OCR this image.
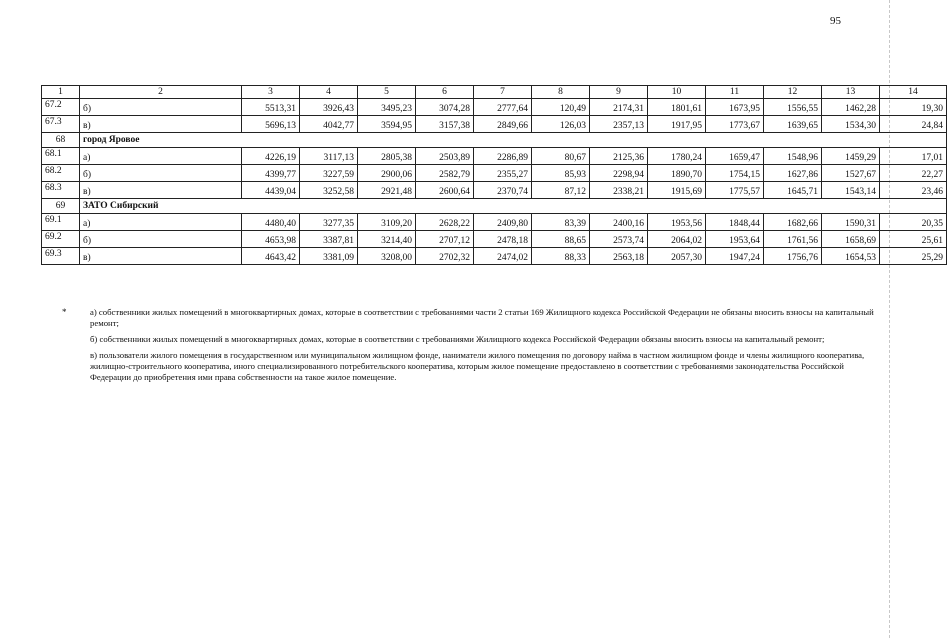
95
1	2	3	4	5	6	7	8	9	10	11	12	13	14
67.2	б)	5513,31	3926,43	3495,23	3074,28	2777,64	120,49	2174,31	1801,61	1673,95	1556,55	1462,28	19,30
67.3	в)	5696,13	4042,77	3594,95	3157,38	2849,66	126,03	2357,13	1917,95	1773,67	1639,65	1534,30	24,84
68	город Яровое												
68.1	а)	4226,19	3117,13	2805,38	2503,89	2286,89	80,67	2125,36	1780,24	1659,47	1548,96	1459,29	17,01
68.2	б)	4399,77	3227,59	2900,06	2582,79	2355,27	85,93	2298,94	1890,70	1754,15	1627,86	1527,67	22,27
68.3	в)	4439,04	3252,58	2921,48	2600,64	2370,74	87,12	2338,21	1915,69	1775,57	1645,71	1543,14	23,46
69	ЗАТО Сибирский												
69.1	а)	4480,40	3277,35	3109,20	2628,22	2409,80	83,39	2400,16	1953,56	1848,44	1682,66	1590,31	20,35
69.2	б)	4653,98	3387,81	3214,40	2707,12	2478,18	88,65	2573,74	2064,02	1953,64	1761,56	1658,69	25,61
69.3	в)	4643,42	3381,09	3208,00	2702,32	2474,02	88,33	2563,18	2057,30	1947,24	1756,76	1654,53	25,29
*	а) собственники жилых помещений в многоквартирных домах, которые в соответствии с требованиями части 2 статьи 169 Жилищного кодекса Российской Федерации не обязаны вносить взносы на капитальный ремонт;

б) собственники жилых помещений в многоквартирных домах, которые в соответствии с требованиями Жилищного кодекса Российской Федерации обязаны вносить взносы на капитальный ремонт;

в) пользователи жилого помещения в государственном или муниципальном жилищном фонде, наниматели жилого помещения по договору найма в частном жилищном фонде и члены жилищного кооператива, жилищно-строительного кооператива, иного специализированного потребительского кооператива, которым жилое помещение предоставлено в соответствии с требованиями законодательства Российской Федерации до приобретения ими права собственности на такое жилое помещение.
